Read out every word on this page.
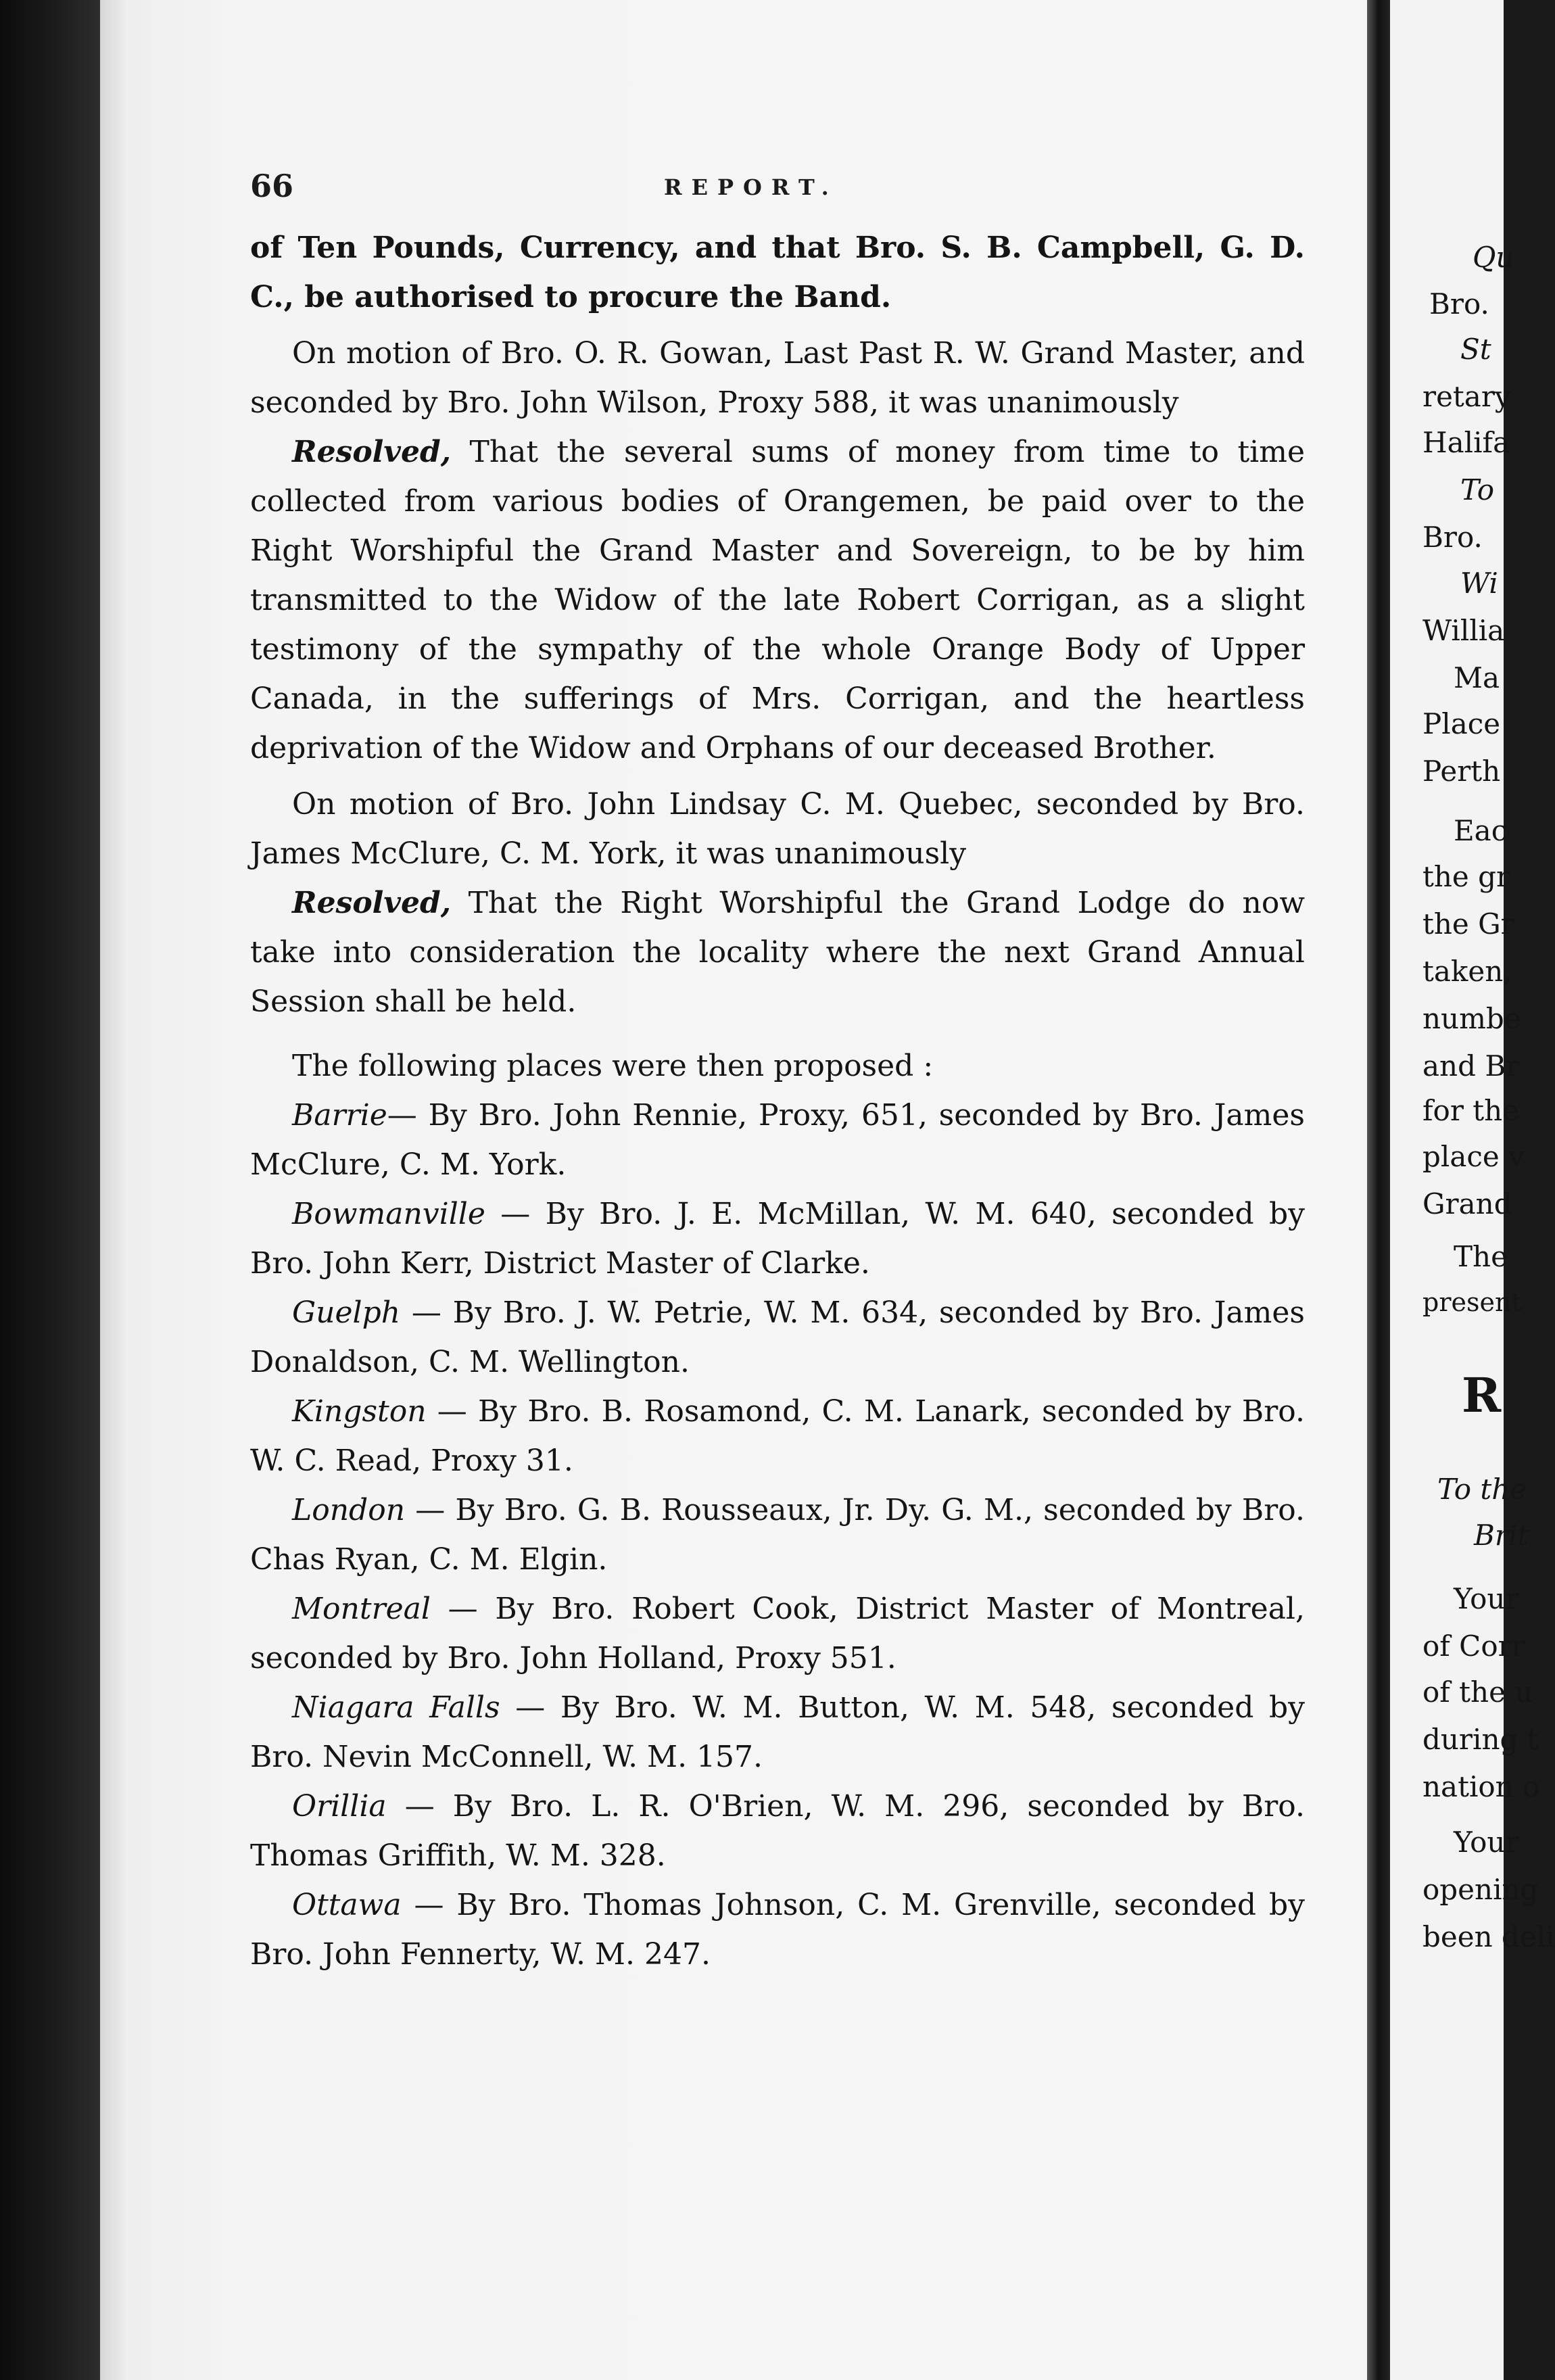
Qu
Bro.
St
retary
Halifa
To
Bro.
Wi
Willia
Ma
Place
Perth
Eac
the gr
the Gr
taken,
numbe
and Br
for the
place v
Grand
The
present
R
To the
Brit
Your
of Corr
of the u
during t
nation o
Your
opening
been deli
66	REPORT.

of Ten Pounds, Currency, and that Bro. S. B. Campbell, G. D. C., be authorised to procure the Band.

On motion of Bro. O. R. Gowan, Last Past R. W. Grand Master, and seconded by Bro. John Wilson, Proxy 588, it was unanimously

Resolved, That the several sums of money from time to time collected from various bodies of Orangemen, be paid over to the Right Worshipful the Grand Master and Sovereign, to be by him transmitted to the Widow of the late Robert Corrigan, as a slight testimony of the sympathy of the whole Orange Body of Upper Canada, in the sufferings of Mrs. Corrigan, and the heartless deprivation of the Widow and Orphans of our deceased Brother.

On motion of Bro. John Lindsay C. M. Quebec, seconded by Bro. James McClure, C. M. York, it was unanimously

Resolved, That the Right Worshipful the Grand Lodge do now take into consideration the locality where the next Grand Annual Session shall be held.

The following places were then proposed :

Barrie— By Bro. John Rennie, Proxy, 651, seconded by Bro. James McClure, C. M. York.

Bowmanville — By Bro. J. E. McMillan, W. M. 640, seconded by Bro. John Kerr, District Master of Clarke.

Guelph — By Bro. J. W. Petrie, W. M. 634, seconded by Bro. James Donaldson, C. M. Wellington.

Kingston — By Bro. B. Rosamond, C. M. Lanark, seconded by Bro. W. C. Read, Proxy 31.

London — By Bro. G. B. Rousseaux, Jr. Dy. G. M., seconded by Bro. Chas Ryan, C. M. Elgin.

Montreal — By Bro. Robert Cook, District Master of Montreal, seconded by Bro. John Holland, Proxy 551.

Niagara Falls — By Bro. W. M. Button, W. M. 548, seconded by Bro. Nevin McConnell, W. M. 157.

Orillia — By Bro. L. R. O'Brien, W. M. 296, seconded by Bro. Thomas Griffith, W. M. 328.

Ottawa — By Bro. Thomas Johnson, C. M. Grenville, seconded by Bro. John Fennerty, W. M. 247.
